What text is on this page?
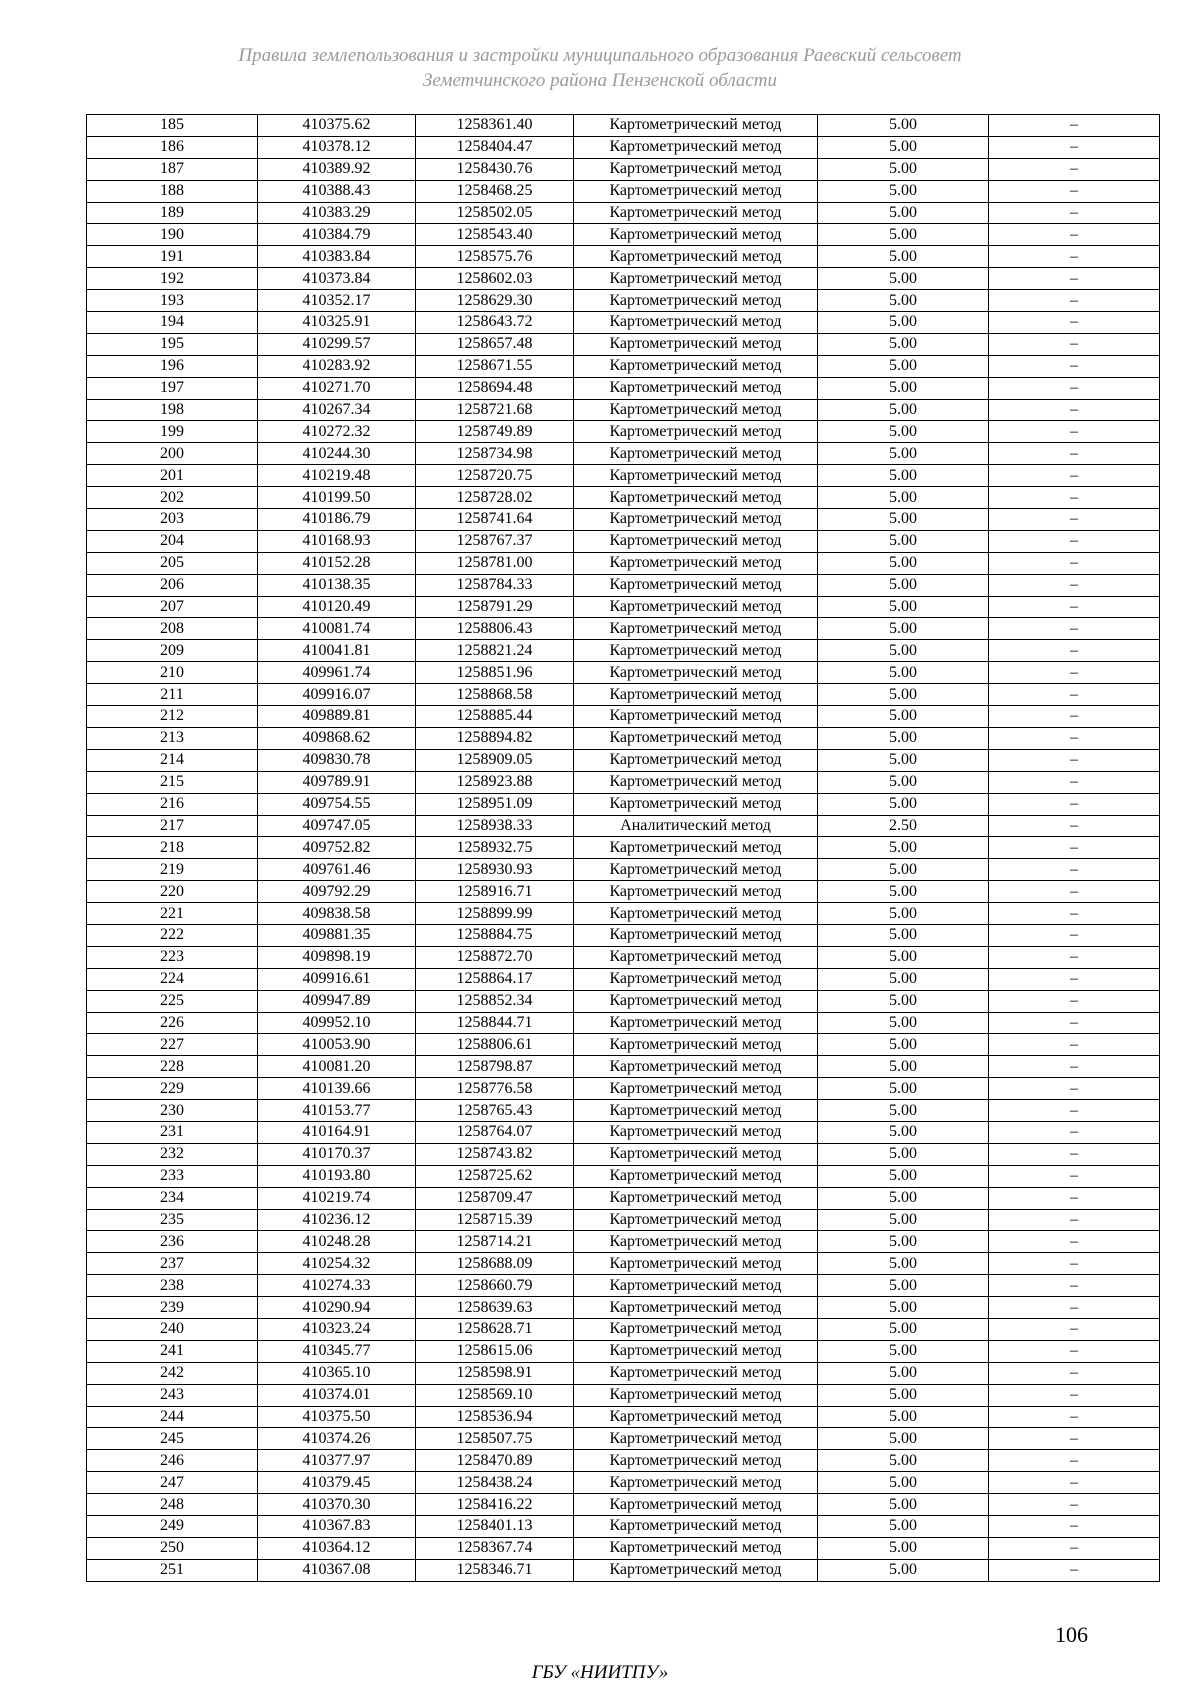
Правила землепользования и застройки муниципального образования Раевский сельсовет
Земетчинского района Пензенской области
185	410375.62	1258361.40	Картометрический метод	5.00	–
186	410378.12	1258404.47	Картометрический метод	5.00	–
187	410389.92	1258430.76	Картометрический метод	5.00	–
188	410388.43	1258468.25	Картометрический метод	5.00	–
189	410383.29	1258502.05	Картометрический метод	5.00	–
190	410384.79	1258543.40	Картометрический метод	5.00	–
191	410383.84	1258575.76	Картометрический метод	5.00	–
192	410373.84	1258602.03	Картометрический метод	5.00	–
193	410352.17	1258629.30	Картометрический метод	5.00	–
194	410325.91	1258643.72	Картометрический метод	5.00	–
195	410299.57	1258657.48	Картометрический метод	5.00	–
196	410283.92	1258671.55	Картометрический метод	5.00	–
197	410271.70	1258694.48	Картометрический метод	5.00	–
198	410267.34	1258721.68	Картометрический метод	5.00	–
199	410272.32	1258749.89	Картометрический метод	5.00	–
200	410244.30	1258734.98	Картометрический метод	5.00	–
201	410219.48	1258720.75	Картометрический метод	5.00	–
202	410199.50	1258728.02	Картометрический метод	5.00	–
203	410186.79	1258741.64	Картометрический метод	5.00	–
204	410168.93	1258767.37	Картометрический метод	5.00	–
205	410152.28	1258781.00	Картометрический метод	5.00	–
206	410138.35	1258784.33	Картометрический метод	5.00	–
207	410120.49	1258791.29	Картометрический метод	5.00	–
208	410081.74	1258806.43	Картометрический метод	5.00	–
209	410041.81	1258821.24	Картометрический метод	5.00	–
210	409961.74	1258851.96	Картометрический метод	5.00	–
211	409916.07	1258868.58	Картометрический метод	5.00	–
212	409889.81	1258885.44	Картометрический метод	5.00	–
213	409868.62	1258894.82	Картометрический метод	5.00	–
214	409830.78	1258909.05	Картометрический метод	5.00	–
215	409789.91	1258923.88	Картометрический метод	5.00	–
216	409754.55	1258951.09	Картометрический метод	5.00	–
217	409747.05	1258938.33	Аналитический метод	2.50	–
218	409752.82	1258932.75	Картометрический метод	5.00	–
219	409761.46	1258930.93	Картометрический метод	5.00	–
220	409792.29	1258916.71	Картометрический метод	5.00	–
221	409838.58	1258899.99	Картометрический метод	5.00	–
222	409881.35	1258884.75	Картометрический метод	5.00	–
223	409898.19	1258872.70	Картометрический метод	5.00	–
224	409916.61	1258864.17	Картометрический метод	5.00	–
225	409947.89	1258852.34	Картометрический метод	5.00	–
226	409952.10	1258844.71	Картометрический метод	5.00	–
227	410053.90	1258806.61	Картометрический метод	5.00	–
228	410081.20	1258798.87	Картометрический метод	5.00	–
229	410139.66	1258776.58	Картометрический метод	5.00	–
230	410153.77	1258765.43	Картометрический метод	5.00	–
231	410164.91	1258764.07	Картометрический метод	5.00	–
232	410170.37	1258743.82	Картометрический метод	5.00	–
233	410193.80	1258725.62	Картометрический метод	5.00	–
234	410219.74	1258709.47	Картометрический метод	5.00	–
235	410236.12	1258715.39	Картометрический метод	5.00	–
236	410248.28	1258714.21	Картометрический метод	5.00	–
237	410254.32	1258688.09	Картометрический метод	5.00	–
238	410274.33	1258660.79	Картометрический метод	5.00	–
239	410290.94	1258639.63	Картометрический метод	5.00	–
240	410323.24	1258628.71	Картометрический метод	5.00	–
241	410345.77	1258615.06	Картометрический метод	5.00	–
242	410365.10	1258598.91	Картометрический метод	5.00	–
243	410374.01	1258569.10	Картометрический метод	5.00	–
244	410375.50	1258536.94	Картометрический метод	5.00	–
245	410374.26	1258507.75	Картометрический метод	5.00	–
246	410377.97	1258470.89	Картометрический метод	5.00	–
247	410379.45	1258438.24	Картометрический метод	5.00	–
248	410370.30	1258416.22	Картометрический метод	5.00	–
249	410367.83	1258401.13	Картометрический метод	5.00	–
250	410364.12	1258367.74	Картометрический метод	5.00	–
251	410367.08	1258346.71	Картометрический метод	5.00	–
106
ГБУ «НИИТПУ»
